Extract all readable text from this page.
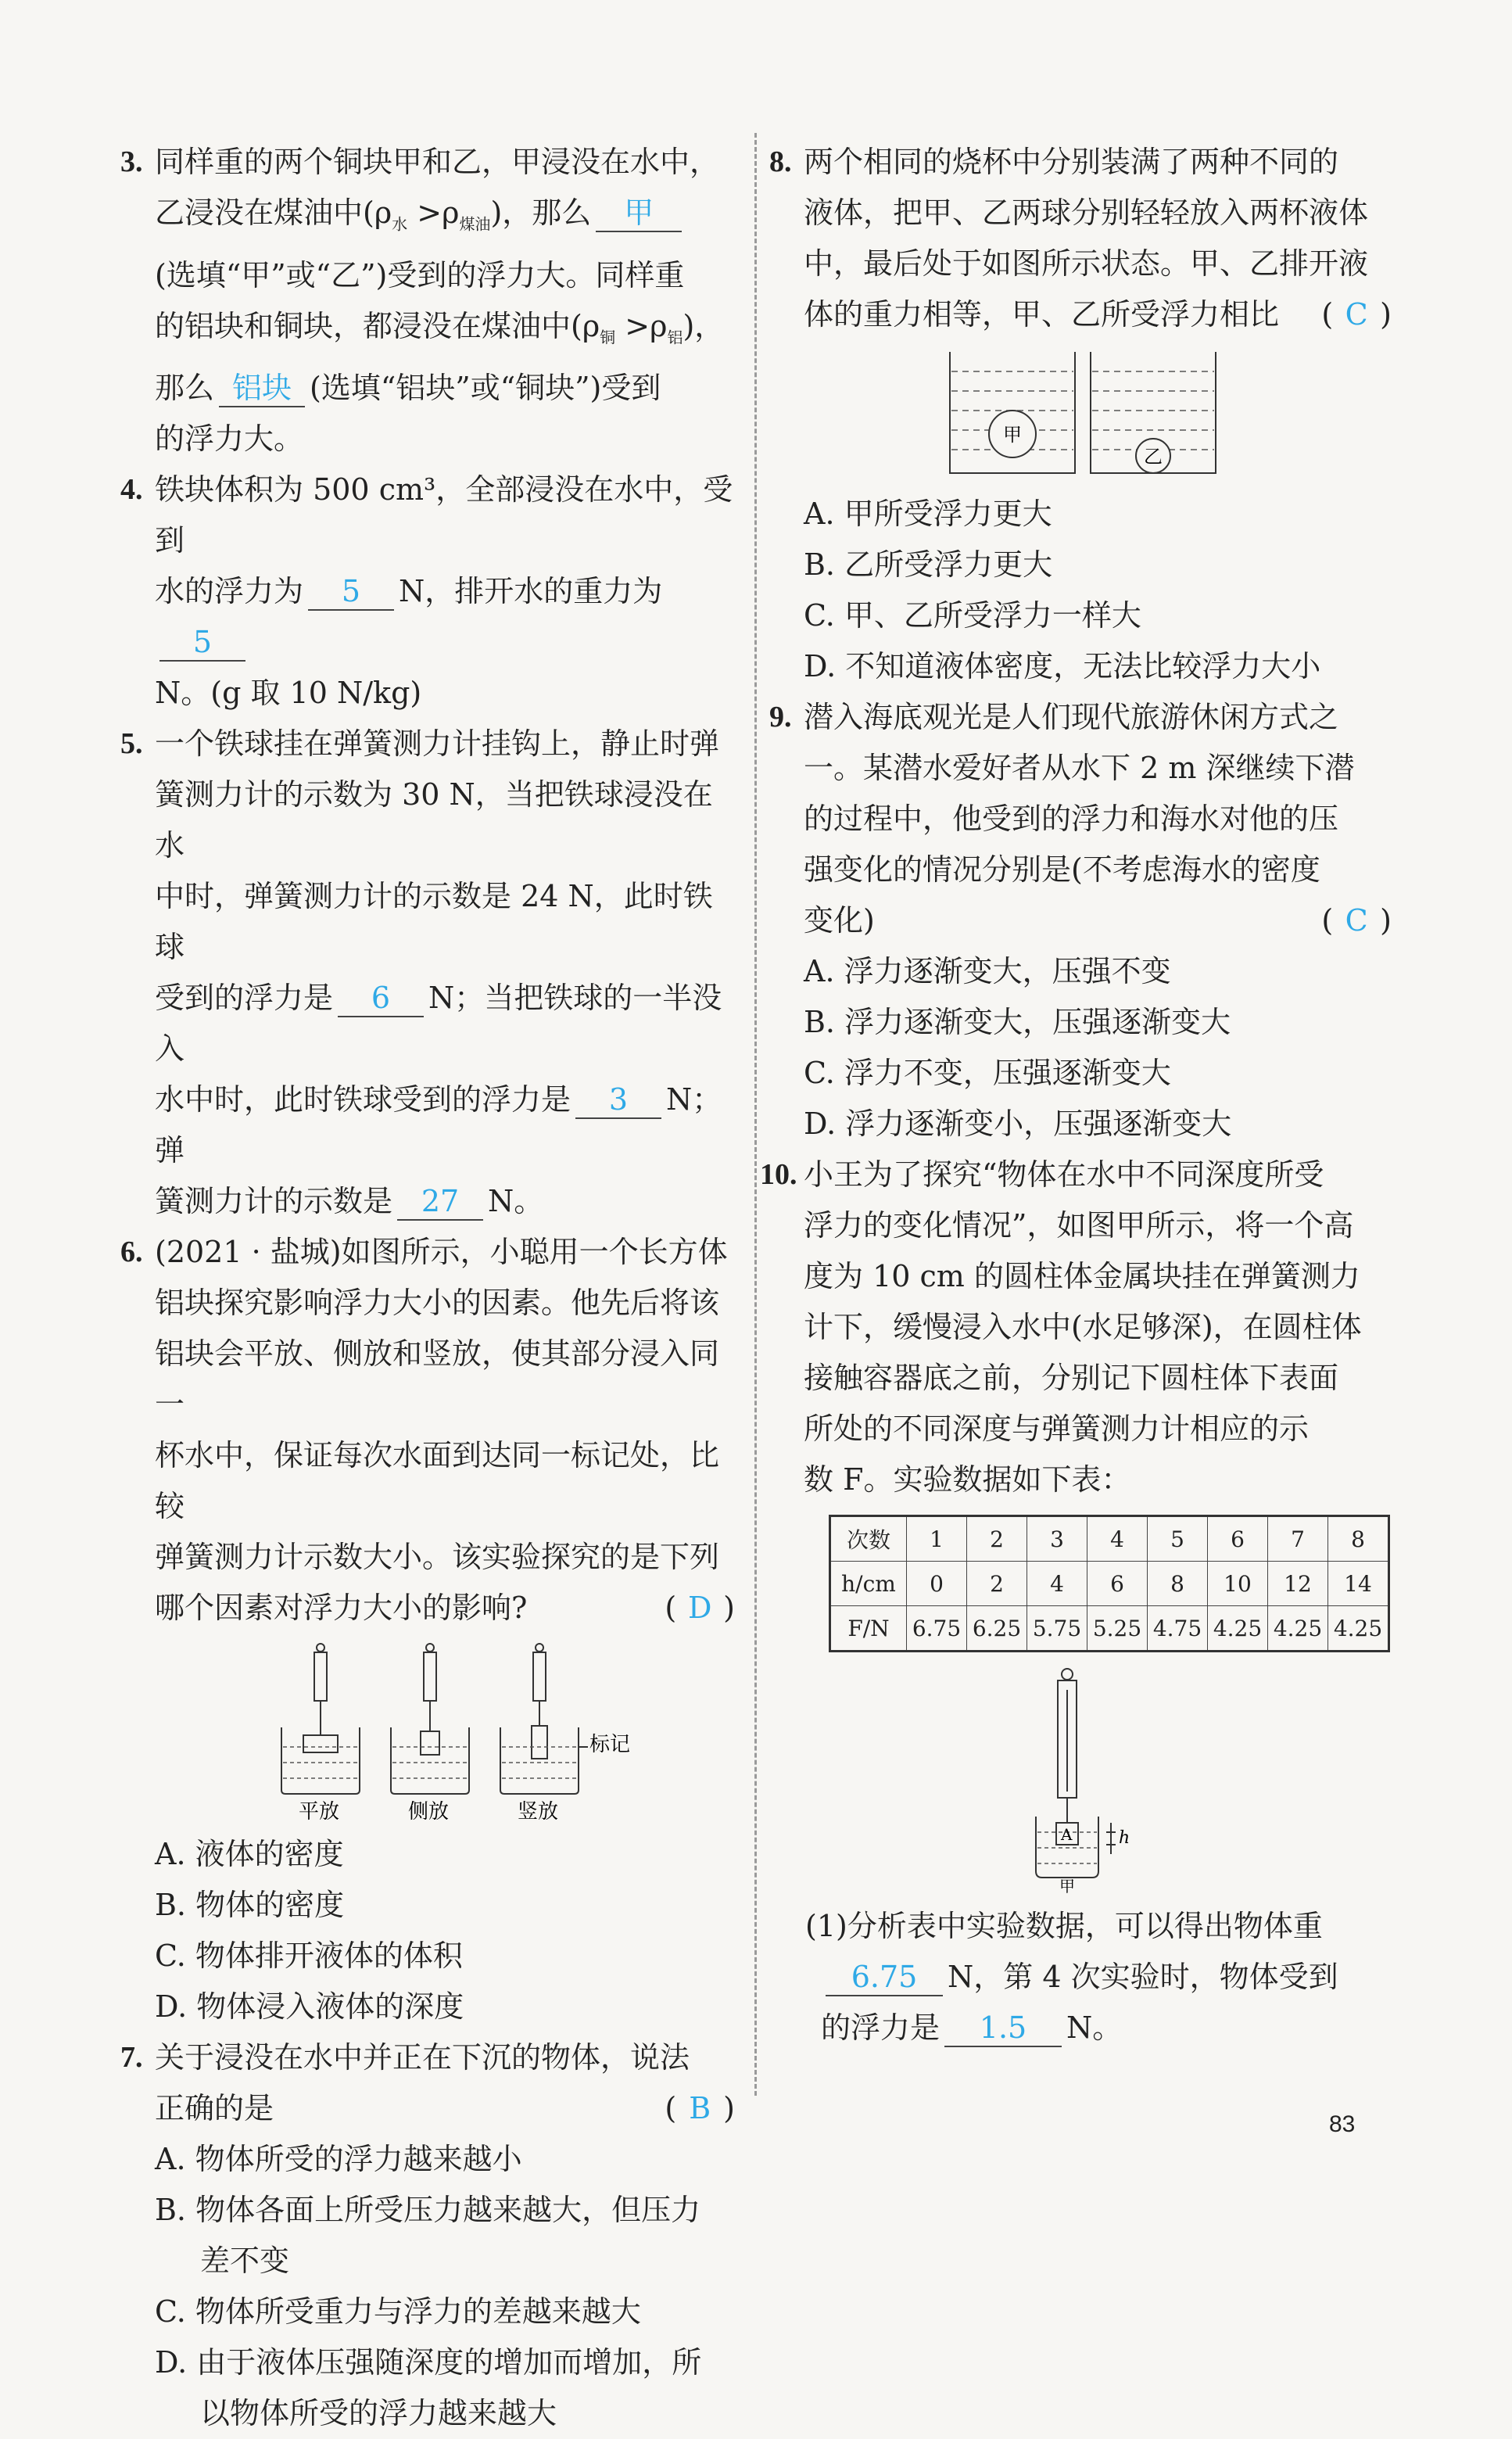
3. 同样重的两个铜块甲和乙，甲浸没在水中，
乙浸没在煤油中$(\rho_水 >\rho_{煤油})$，那么 甲
(选填“甲”或“乙”)受到的浮力大。同样重
的铝块和铜块，都浸没在煤油中$(\rho_铜 >\rho_铝)$，
那么 铝块 (选填“铝块”或“铜块”)受到
的浮力大。
4. 铁块体积为 500 cm³，全部浸没在水中，受到
水的浮力为 5 N，排开水的重力为5
N。(g 取 10 N/kg)
5. 一个铁球挂在弹簧测力计挂钩上，静止时弹
簧测力计的示数为 30 N，当把铁球浸没在水
中时，弹簧测力计的示数是 24 N，此时铁球
受到的浮力是 6 N；当把铁球的一半没入
水中时，此时铁球受到的浮力是 3 N；弹
簧测力计的示数是 27 N。
6. (2021 · 盐城)如图所示，小聪用一个长方体
铝块探究影响浮力大小的因素。他先后将该
铝块会平放、侧放和竖放，使其部分浸入同一
杯水中，保证每次水面到达同一标记处，比较
弹簧测力计示数大小。该实验探究的是下列
哪个因素对浮力大小的影响?	( D )
标记
平放	侧放	竖放
A. 液体的密度
B. 物体的密度
C. 物体排开液体的体积
D. 物体浸入液体的深度
7. 关于浸没在水中并正在下沉的物体，说法
正确的是	( B )
A. 物体所受的浮力越来越小
B. 物体各面上所受压力越来越大，但压力
差不变
C. 物体所受重力与浮力的差越来越大
D. 由于液体压强随深度的增加而增加，所
以物体所受的浮力越来越大
8. 两个相同的烧杯中分别装满了两种不同的
液体，把甲、乙两球分别轻轻放入两杯液体
中，最后处于如图所示状态。甲、乙排开液
体的重力相等，甲、乙所受浮力相比 ( C )
甲
乙
A. 甲所受浮力更大
B. 乙所受浮力更大
C. 甲、乙所受浮力一样大
D. 不知道液体密度，无法比较浮力大小
9. 潜入海底观光是人们现代旅游休闲方式之
一。某潜水爱好者从水下 2 m 深继续下潜
的过程中，他受到的浮力和海水对他的压
强变化的情况分别是(不考虑海水的密度
变化)	( C )
A. 浮力逐渐变大，压强不变
B. 浮力逐渐变大，压强逐渐变大
C. 浮力不变，压强逐渐变大
D. 浮力逐渐变小，压强逐渐变大
10. 小王为了探究“物体在水中不同深度所受
浮力的变化情况”，如图甲所示，将一个高
度为 10 cm 的圆柱体金属块挂在弹簧测力
计下，缓慢浸入水中(水足够深)，在圆柱体
接触容器底之前，分别记下圆柱体下表面
所处的不同深度与弹簧测力计相应的示
数 F。实验数据如下表：
次数	1	2	3	4	5	6	7	8
h/cm	0	2	4	6	8	10	12	14
F/N	6.75	6.25	5.75	5.25	4.75	4.25	4.25	4.25
A	h
甲
(1)分析表中实验数据，可以得出物体重
6.75 N，第 4 次实验时，物体受到
的浮力是 1.5 N。
83
